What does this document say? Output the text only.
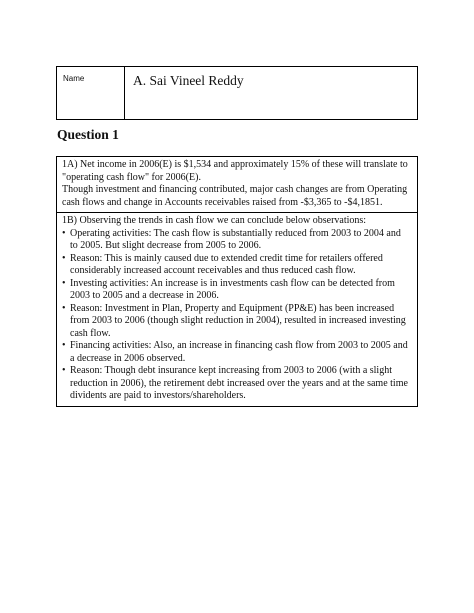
Name	A. Sai Vineel Reddy
Question 1

1A) Net income in 2006(E) is $1,534 and approximately 15% of these will translate to "operating cash flow" for 2006(E).

Though investment and financing contributed, major cash changes are from Operating cash flows and change in Accounts receivables raised from -$3,365 to -$4,1851.

1B) Observing the trends in cash flow we can conclude below observations:

• Operating activities: The cash flow is substantially reduced from 2003 to 2004 and to 2005. But slight decrease from 2005 to 2006.
• Reason: This is mainly caused due to extended credit time for retailers offered considerably increased account receivables and thus reduced cash flow.
• Investing activities: An increase is in investments cash flow can be detected from 2003 to 2005 and a decrease in 2006.
• Reason: Investment in Plan, Property and Equipment (PP&E) has been increased from 2003 to 2006 (though slight reduction in 2004), resulted in increased investing cash flow.
• Financing activities: Also, an increase in financing cash flow from 2003 to 2005 and a decrease in 2006 observed.
• Reason: Though debt insurance kept increasing from 2003 to 2006 (with a slight reduction in 2006), the retirement debt increased over the years and at the same time dividents are paid to investors/shareholders.
